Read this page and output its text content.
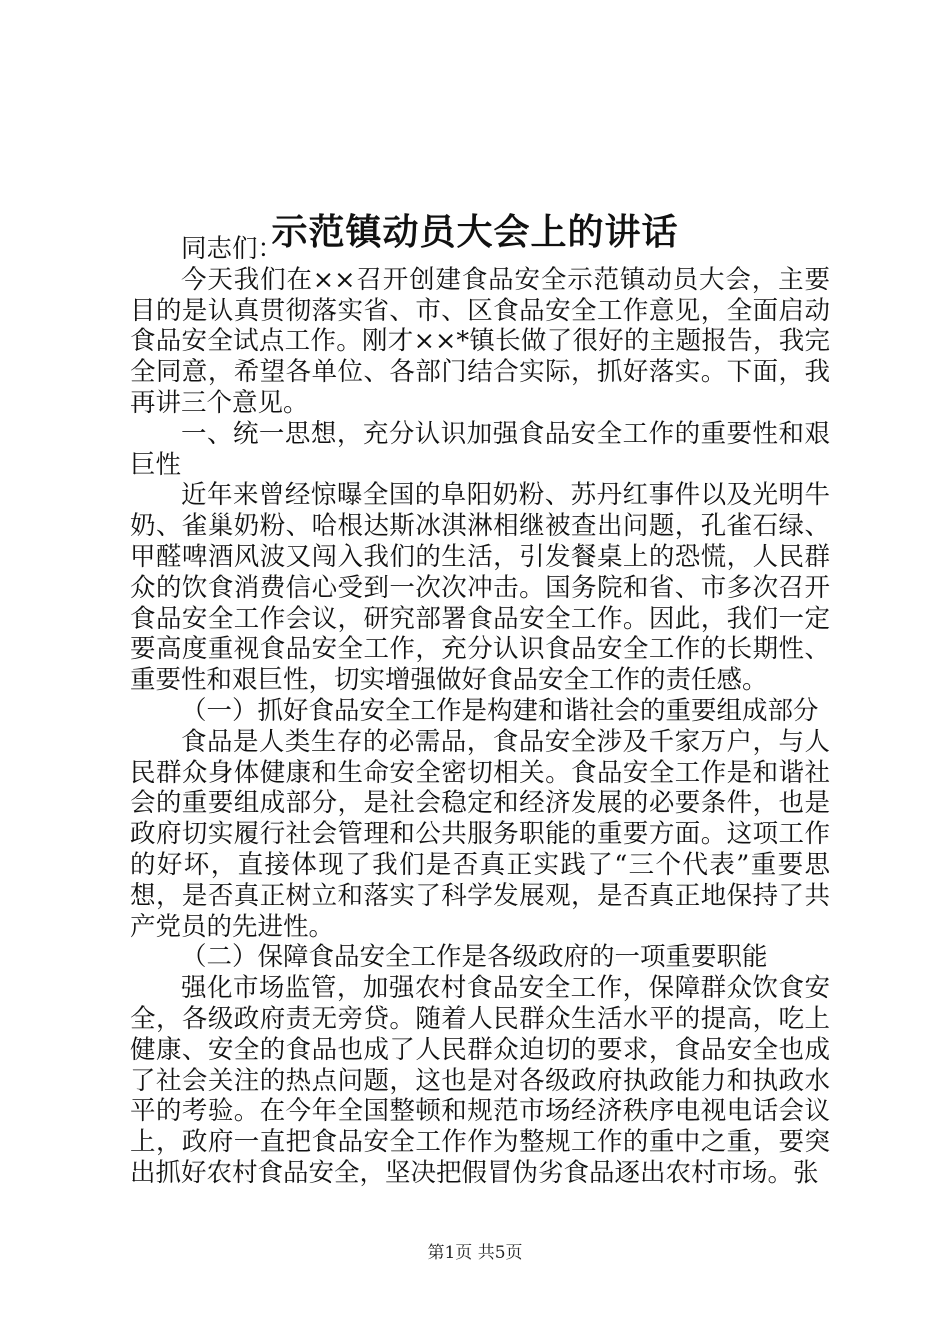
示范镇动员大会上的讲话

同志们：

今天我们在××召开创建食品安全示范镇动员大会，主要目的是认真贯彻落实省、市、区食品安全工作意见，全面启动食品安全试点工作。刚才××*镇长做了很好的主题报告，我完全同意，希望各单位、各部门结合实际，抓好落实。下面，我再讲三个意见。

一、统一思想，充分认识加强食品安全工作的重要性和艰巨性

近年来曾经惊曝全国的阜阳奶粉、苏丹红事件以及光明牛奶、雀巢奶粉、哈根达斯冰淇淋相继被查出问题，孔雀石绿、甲醛啤酒风波又闯入我们的生活，引发餐桌上的恐慌，人民群众的饮食消费信心受到一次次冲击。国务院和省、市多次召开食品安全工作会议，研究部署食品安全工作。因此，我们一定要高度重视食品安全工作，充分认识食品安全工作的长期性、重要性和艰巨性，切实增强做好食品安全工作的责任感。

（一）抓好食品安全工作是构建和谐社会的重要组成部分

食品是人类生存的必需品，食品安全涉及千家万户，与人民群众身体健康和生命安全密切相关。食品安全工作是和谐社会的重要组成部分，是社会稳定和经济发展的必要条件，也是政府切实履行社会管理和公共服务职能的重要方面。这项工作的好坏，直接体现了我们是否真正实践了“三个代表”重要思想，是否真正树立和落实了科学发展观，是否真正地保持了共产党员的先进性。

（二）保障食品安全工作是各级政府的一项重要职能

强化市场监管，加强农村食品安全工作，保障群众饮食安全，各级政府责无旁贷。随着人民群众生活水平的提高，吃上健康、安全的食品也成了人民群众迫切的要求，食品安全也成了社会关注的热点问题，这也是对各级政府执政能力和执政水平的考验。在今年全国整顿和规范市场经济秩序电视电话会议上，政府一直把食品安全工作作为整规工作的重中之重，要突出抓好农村食品安全，坚决把假冒伪劣食品逐出农村市场。张

第1页 共5页
